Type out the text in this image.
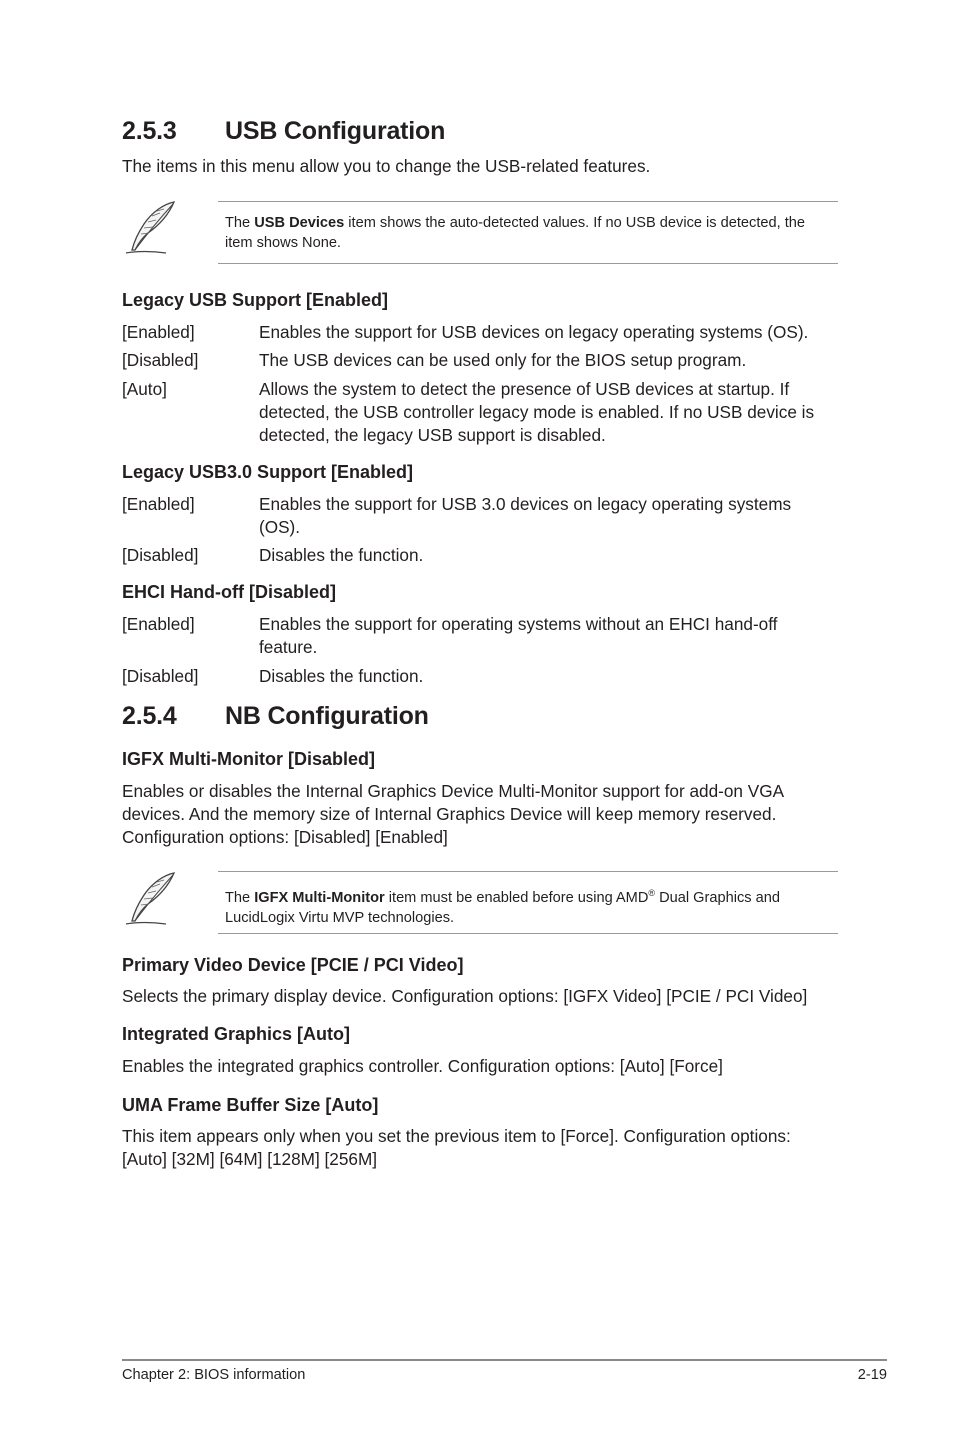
2.5.3 USB Configuration
The items in this menu allow you to change the USB-related features.
The USB Devices item shows the auto-detected values. If no USB device is detected, the item shows None.
Legacy USB Support [Enabled]
[Enabled]	Enables the support for USB devices on legacy operating systems (OS).
[Disabled]	The USB devices can be used only for the BIOS setup program.
[Auto]	Allows the system to detect the presence of USB devices at startup. If detected, the USB controller legacy mode is enabled. If no USB device is detected, the legacy USB support is disabled.
Legacy USB3.0 Support [Enabled]
[Enabled]	Enables the support for USB 3.0 devices on legacy operating systems (OS).
[Disabled]	Disables the function.
EHCI Hand-off [Disabled]
[Enabled]	Enables the support for operating systems without an EHCI hand-off feature.
[Disabled]	Disables the function.
2.5.4 NB Configuration
IGFX Multi-Monitor [Disabled]
Enables or disables the Internal Graphics Device Multi-Monitor support for add-on VGA devices. And the memory size of Internal Graphics Device will keep memory reserved. Configuration options: [Disabled] [Enabled]
The IGFX Multi-Monitor item must be enabled before using AMD® Dual Graphics and LucidLogix Virtu MVP technologies.
Primary Video Device [PCIE / PCI Video]
Selects the primary display device. Configuration options: [IGFX Video] [PCIE / PCI Video]
Integrated Graphics [Auto]
Enables the integrated graphics controller. Configuration options: [Auto] [Force]
UMA Frame Buffer Size [Auto]
This item appears only when you set the previous item to [Force]. Configuration options: [Auto] [32M] [64M] [128M] [256M]
Chapter 2: BIOS information	2-19
